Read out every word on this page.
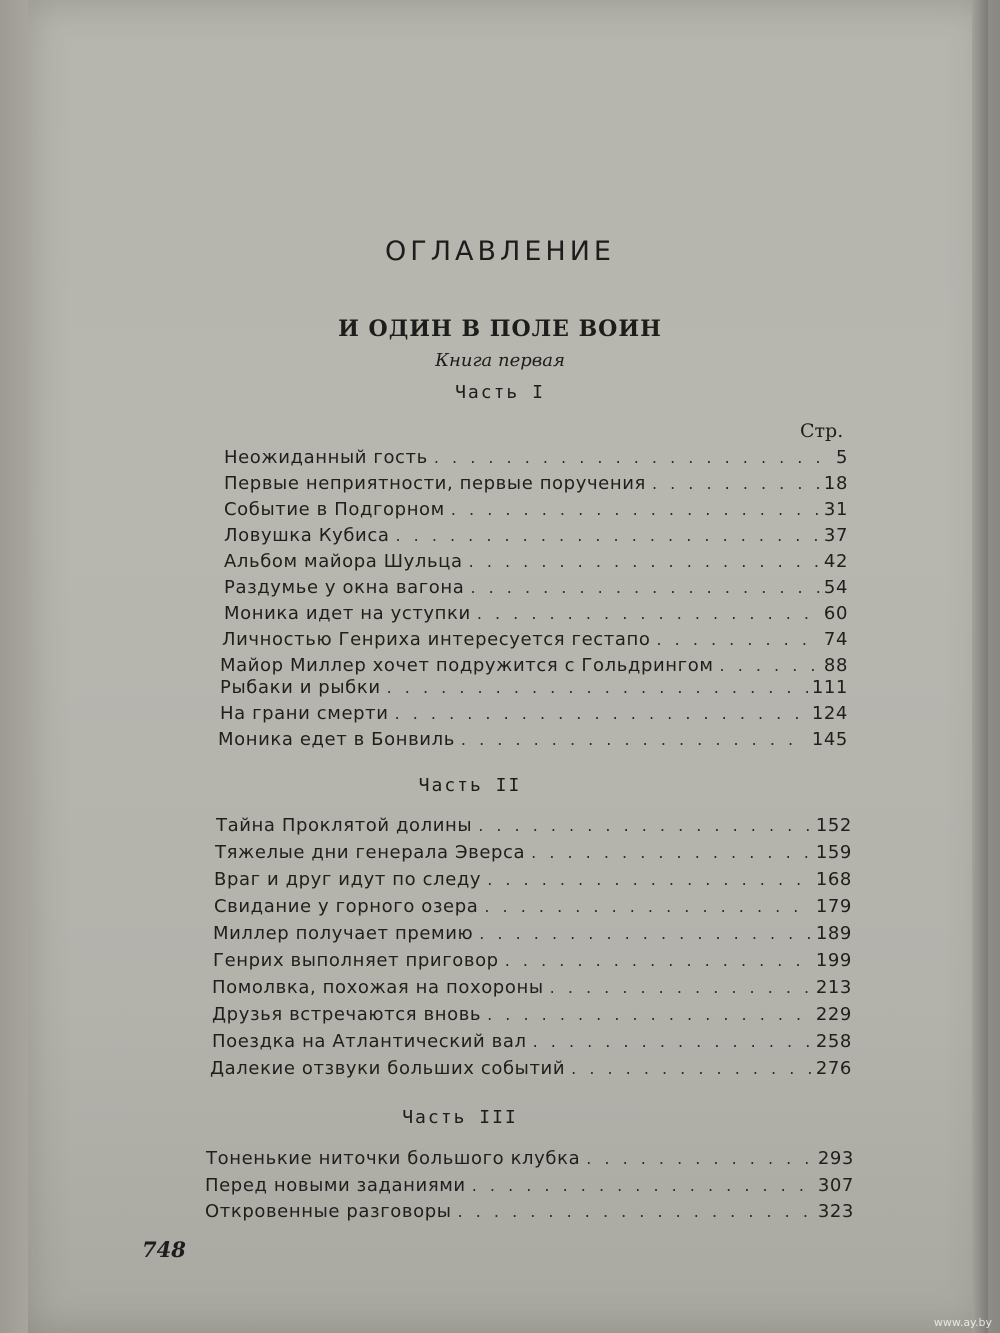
ОГЛАВЛЕНИЕ
И ОДИН В ПОЛЕ ВОИН
Книга первая
Часть I
Стр.
Неожиданный гость . . .	5
Первые неприятности, первые поручения . . .	18
Событие в Подгорном . . .	31
Ловушка Кубиса . . .	37
Альбом майора Шульца . . .	42
Раздумье у окна вагона . . .	54
Моника идет на уступки . . .	60
Личностью Генриха интересуется гестапо . . .	74
Майор Миллер хочет подружится с Гольдрингом . . .	88
Рыбаки и рыбки . . .	111
На грани смерти . . .	124
Моника едет в Бонвиль . . .	145
Часть II
Тайна Проклятой долины . . .	152
Тяжелые дни генерала Эверса . . .	159
Враг и друг идут по следу . . .	168
Свидание у горного озера . . .	179
Миллер получает премию . . .	189
Генрих выполняет приговор . . .	199
Помолвка, похожая на похороны . . .	213
Друзья встречаются вновь . . .	229
Поездка на Атлантический вал . . .	258
Далекие отзвуки больших событий . . .	276
Часть III
Тоненькие ниточки большого клубка . . .	293
Перед новыми заданиями . . .	307
Откровенные разговоры . . .	323
748
www.ay.by
